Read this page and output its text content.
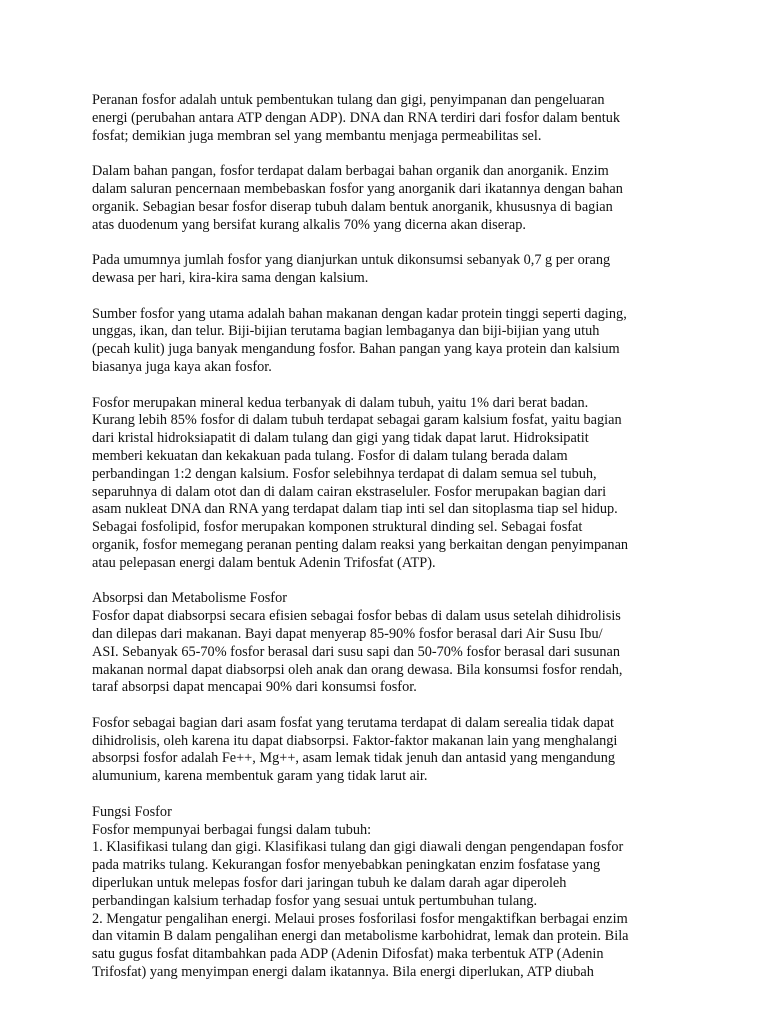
Peranan fosfor adalah untuk pembentukan tulang dan gigi, penyimpanan dan pengeluaran
energi (perubahan antara ATP dengan ADP). DNA dan RNA terdiri dari fosfor dalam bentuk
fosfat; demikian juga membran sel yang membantu menjaga permeabilitas sel.

Dalam bahan pangan, fosfor terdapat dalam berbagai bahan organik dan anorganik. Enzim
dalam saluran pencernaan membebaskan fosfor yang anorganik dari ikatannya dengan bahan
organik. Sebagian besar fosfor diserap tubuh dalam bentuk anorganik, khususnya di bagian
atas duodenum yang bersifat kurang alkalis 70% yang dicerna akan diserap.

Pada umumnya jumlah fosfor yang dianjurkan untuk dikonsumsi sebanyak 0,7 g per orang
dewasa per hari, kira-kira sama dengan kalsium.

Sumber fosfor yang utama adalah bahan makanan dengan kadar protein tinggi seperti daging,
unggas, ikan, dan telur. Biji-bijian terutama bagian lembaganya dan biji-bijian yang utuh
(pecah kulit) juga banyak mengandung fosfor. Bahan pangan yang kaya protein dan kalsium
biasanya juga kaya akan fosfor.

Fosfor merupakan mineral kedua terbanyak di dalam tubuh, yaitu 1% dari berat badan.
Kurang lebih 85% fosfor di dalam tubuh terdapat sebagai garam kalsium fosfat, yaitu bagian
dari kristal hidroksiapatit di dalam tulang dan gigi yang tidak dapat larut. Hidroksipatit
memberi kekuatan dan kekakuan pada tulang. Fosfor di dalam tulang berada dalam
perbandingan 1:2 dengan kalsium. Fosfor selebihnya terdapat di dalam semua sel tubuh,
separuhnya di dalam otot dan di dalam cairan ekstraseluler. Fosfor merupakan bagian dari
asam nukleat DNA dan RNA yang terdapat dalam tiap inti sel dan sitoplasma tiap sel hidup.
Sebagai fosfolipid, fosfor merupakan komponen struktural dinding sel. Sebagai fosfat
organik, fosfor memegang peranan penting dalam reaksi yang berkaitan dengan penyimpanan
atau pelepasan energi dalam bentuk Adenin Trifosfat (ATP).

Absorpsi dan Metabolisme Fosfor
Fosfor dapat diabsorpsi secara efisien sebagai fosfor bebas di dalam usus setelah dihidrolisis
dan dilepas dari makanan. Bayi dapat menyerap 85-90% fosfor berasal dari Air Susu Ibu/
ASI. Sebanyak 65-70% fosfor berasal dari susu sapi dan 50-70% fosfor berasal dari susunan
makanan normal dapat diabsorpsi oleh anak dan orang dewasa. Bila konsumsi fosfor rendah,
taraf absorpsi dapat mencapai 90% dari konsumsi fosfor.

Fosfor sebagai bagian dari asam fosfat yang terutama terdapat di dalam serealia tidak dapat
dihidrolisis, oleh karena itu dapat diabsorpsi. Faktor-faktor makanan lain yang menghalangi
absorpsi fosfor adalah Fe++, Mg++, asam lemak tidak jenuh dan antasid yang mengandung
alumunium, karena membentuk garam yang tidak larut air.

Fungsi Fosfor
Fosfor mempunyai berbagai fungsi dalam tubuh:
1. Klasifikasi tulang dan gigi. Klasifikasi tulang dan gigi diawali dengan pengendapan fosfor
pada matriks tulang. Kekurangan fosfor menyebabkan peningkatan enzim fosfatase yang
diperlukan untuk melepas fosfor dari jaringan tubuh ke dalam darah agar diperoleh
perbandingan kalsium terhadap fosfor yang sesuai untuk pertumbuhan tulang.
2. Mengatur pengalihan energi. Melaui proses fosforilasi fosfor mengaktifkan berbagai enzim
dan vitamin B dalam pengalihan energi dan metabolisme karbohidrat, lemak dan protein. Bila
satu gugus fosfat ditambahkan pada ADP (Adenin Difosfat) maka terbentuk ATP (Adenin
Trifosfat) yang menyimpan energi dalam ikatannya. Bila energi diperlukan, ATP diubah
